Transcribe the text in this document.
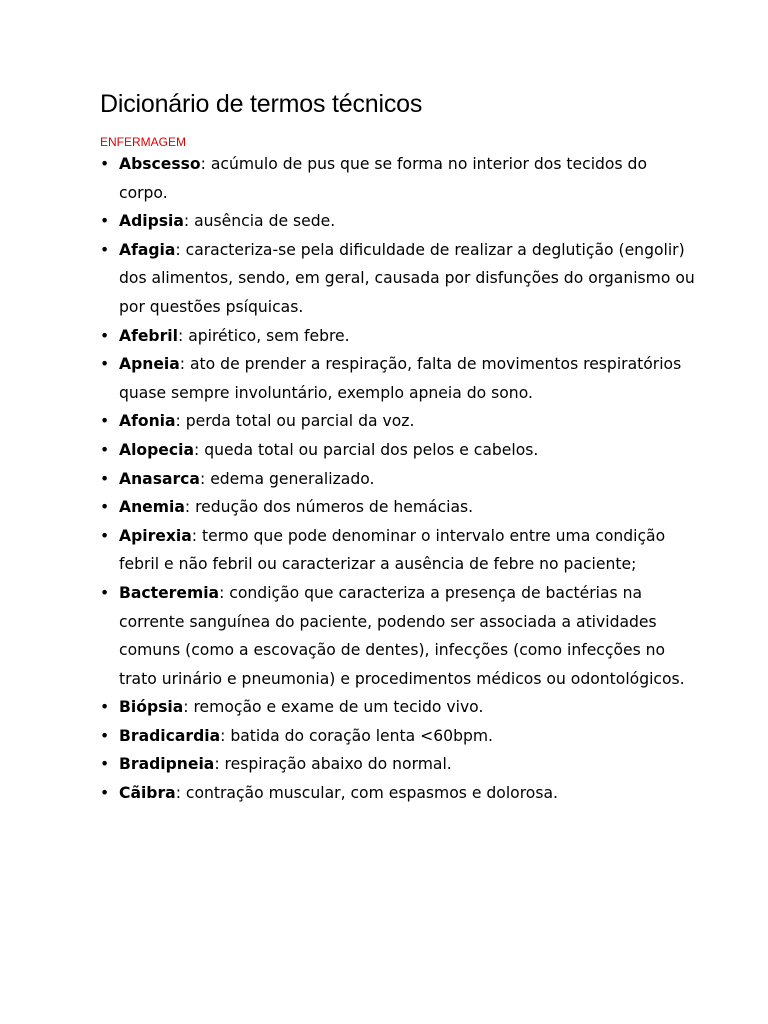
Dicionário de termos técnicos
ENFERMAGEM
• Abscesso: acúmulo de pus que se forma no interior dos tecidos do corpo.
• Adipsia: ausência de sede.
• Afagia: caracteriza-se pela dificuldade de realizar a deglutição (engolir) dos alimentos, sendo, em geral, causada por disfunções do organismo ou por questões psíquicas.
• Afebril: apirético, sem febre.
• Apneia: ato de prender a respiração, falta de movimentos respiratórios quase sempre involuntário, exemplo apneia do sono.
• Afonia: perda total ou parcial da voz.
• Alopecia: queda total ou parcial dos pelos e cabelos.
• Anasarca: edema generalizado.
• Anemia: redução dos números de hemácias.
• Apirexia: termo que pode denominar o intervalo entre uma condição febril e não febril ou caracterizar a ausência de febre no paciente;
• Bacteremia: condição que caracteriza a presença de bactérias na corrente sanguínea do paciente, podendo ser associada a atividades comuns (como a escovação de dentes), infecções (como infecções no trato urinário e pneumonia) e procedimentos médicos ou odontológicos.
• Biópsia: remoção e exame de um tecido vivo.
• Bradicardia: batida do coração lenta <60bpm.
• Bradipneia: respiração abaixo do normal.
• Cãibra: contração muscular, com espasmos e dolorosa.
